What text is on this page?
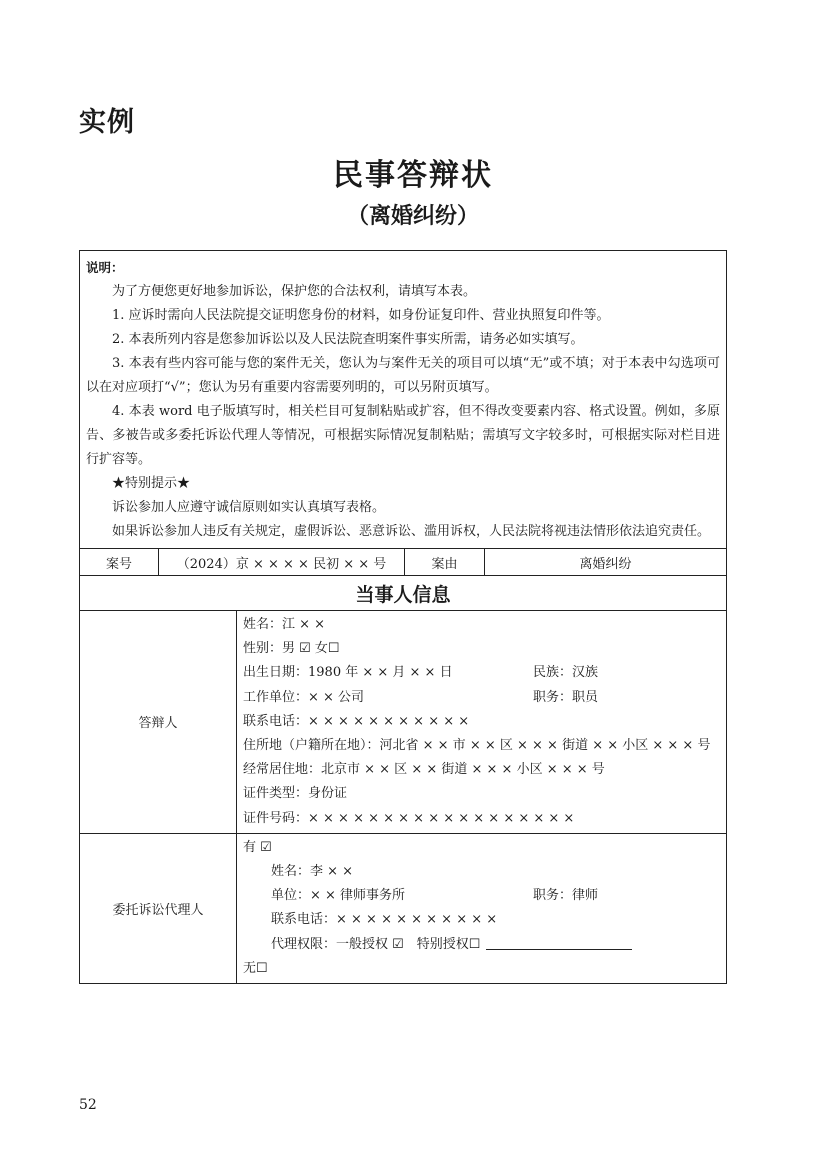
实例
民事答辩状
（离婚纠纷）
说明：

为了方便您更好地参加诉讼，保护您的合法权利，请填写本表。

1. 应诉时需向人民法院提交证明您身份的材料，如身份证复印件、营业执照复印件等。

2. 本表所列内容是您参加诉讼以及人民法院查明案件事实所需，请务必如实填写。

3. 本表有些内容可能与您的案件无关，您认为与案件无关的项目可以填“无”或不填；对于本表中勾选项可以在对应项打“√”；您认为另有重要内容需要列明的，可以另附页填写。

4. 本表 word 电子版填写时，相关栏目可复制粘贴或扩容，但不得改变要素内容、格式设置。例如，多原告、多被告或多委托诉讼代理人等情况，可根据实际情况复制粘贴；需填写文字较多时，可根据实际对栏目进行扩容等。

★特别提示★

诉讼参加人应遵守诚信原则如实认真填写表格。

如果诉讼参加人违反有关规定，虚假诉讼、恶意诉讼、滥用诉权，人民法院将视违法情形依法追究责任。

案号	（2024）京 × × × × 民初 × × 号	案由	离婚纠纷
当事人信息
答辩人
姓名：江 × ×
性别：男 ☑ 女☐
出生日期：1980 年 × × 月 × × 日	民族：汉族
工作单位：× × 公司	职务：职员
联系电话：× × × × × × × × × × ×
住所地（户籍所在地）：河北省 × × 市 × × 区 × × × 街道 × × 小区 × × × 号
经常居住地：北京市 × × 区 × × 街道 × × × 小区 × × × 号
证件类型：身份证
证件号码：× × × × × × × × × × × × × × × × × ×
委托诉讼代理人
有 ☑
姓名：李 × ×
单位：× × 律师事务所	职务：律师
联系电话：× × × × × × × × × × ×
代理权限：一般授权 ☑　特别授权☐
无☐
52
